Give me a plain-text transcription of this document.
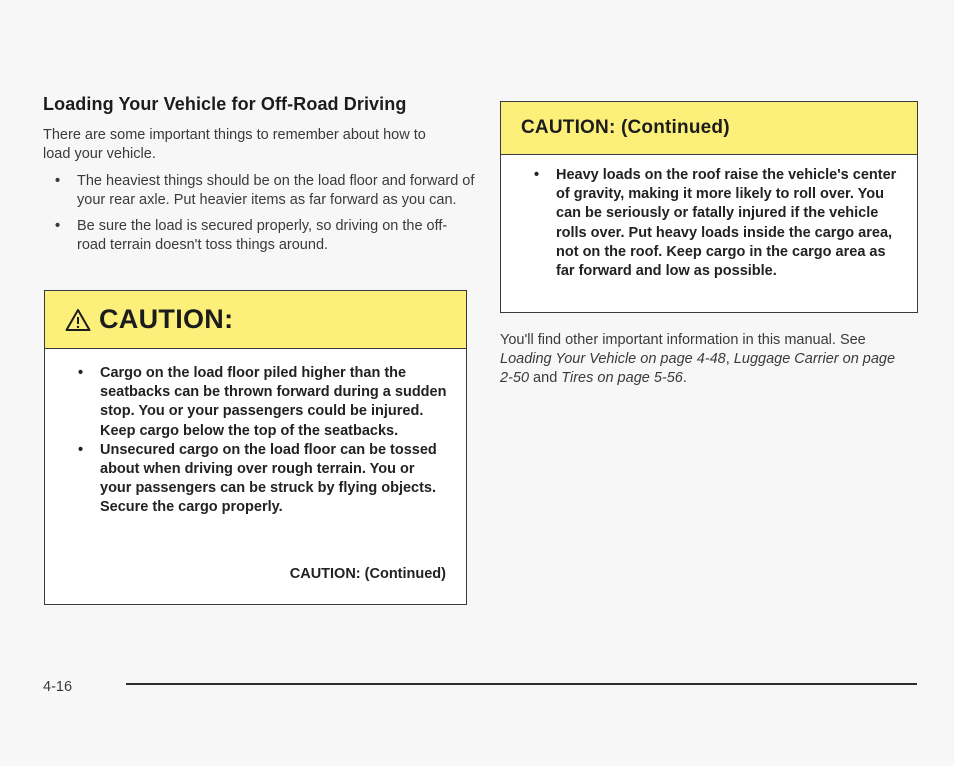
Loading Your Vehicle for Off-Road Driving
There are some important things to remember about how to load your vehicle.
• The heaviest things should be on the load floor and forward of your rear axle. Put heavier items as far forward as you can.
• Be sure the load is secured properly, so driving on the off-road terrain doesn't toss things around.
CAUTION:
• Cargo on the load floor piled higher than the seatbacks can be thrown forward during a sudden stop. You or your passengers could be injured. Keep cargo below the top of the seatbacks.
• Unsecured cargo on the load floor can be tossed about when driving over rough terrain. You or your passengers can be struck by flying objects. Secure the cargo properly.
CAUTION: (Continued)
CAUTION: (Continued)
• Heavy loads on the roof raise the vehicle's center of gravity, making it more likely to roll over. You can be seriously or fatally injured if the vehicle rolls over. Put heavy loads inside the cargo area, not on the roof. Keep cargo in the cargo area as far forward and low as possible.
You'll find other important information in this manual. See Loading Your Vehicle on page 4-48, Luggage Carrier on page 2-50 and Tires on page 5-56.
4-16
